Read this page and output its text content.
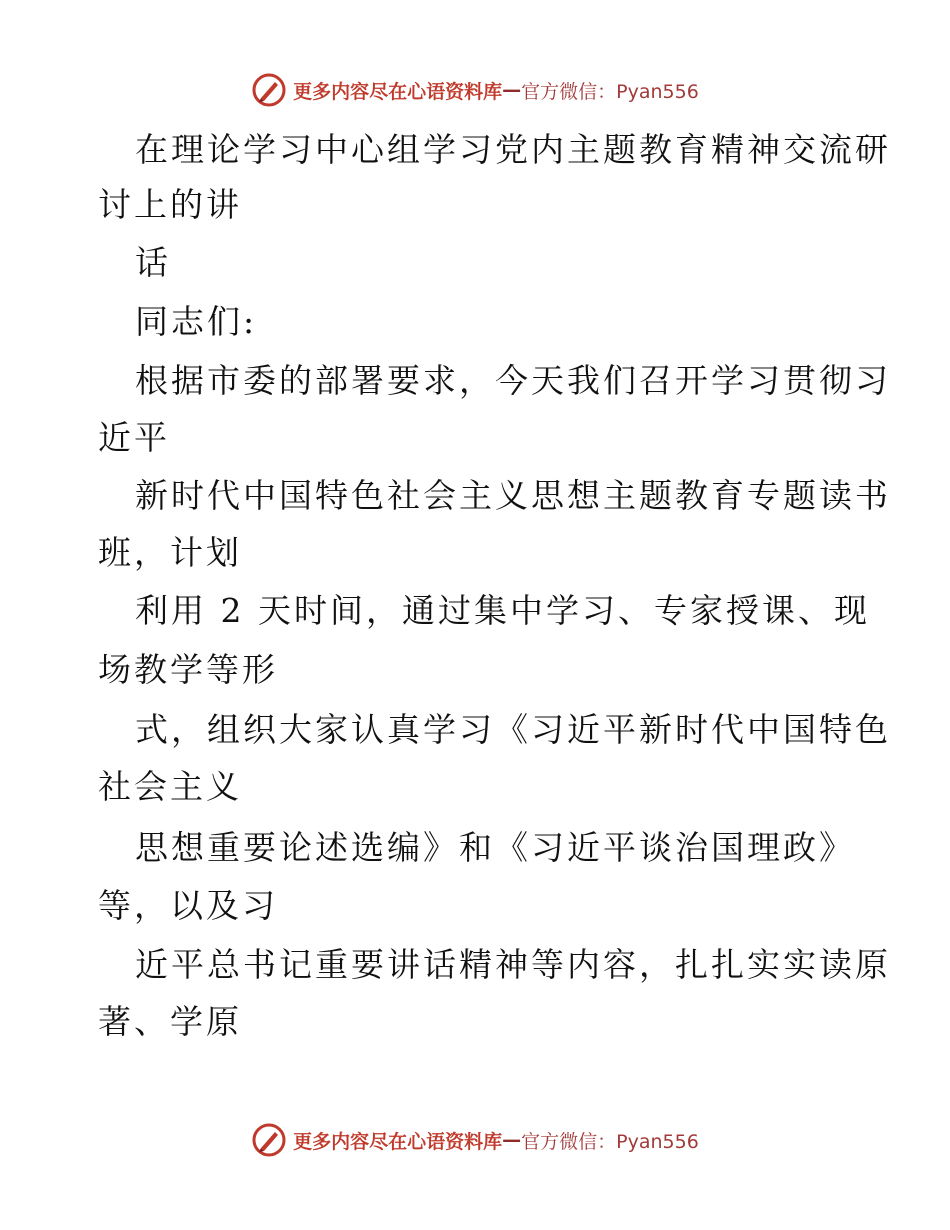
更多内容尽在心语资料库 — 官方微信：Pyan556
在理论学习中心组学习党内主题教育精神交流研
讨上的讲
话
同志们:
根据市委的部署要求，今天我们召开学习贯彻习
近平
新时代中国特色社会主义思想主题教育专题读书
班，计划
利用 2 天时间，通过集中学习、专家授课、现
场教学等形
式，组织大家认真学习《习近平新时代中国特色
社会主义
思想重要论述选编》和《习近平谈治国理政》
等，以及习
近平总书记重要讲话精神等内容，扎扎实实读原
著、学原
更多内容尽在心语资料库 — 官方微信：Pyan556
